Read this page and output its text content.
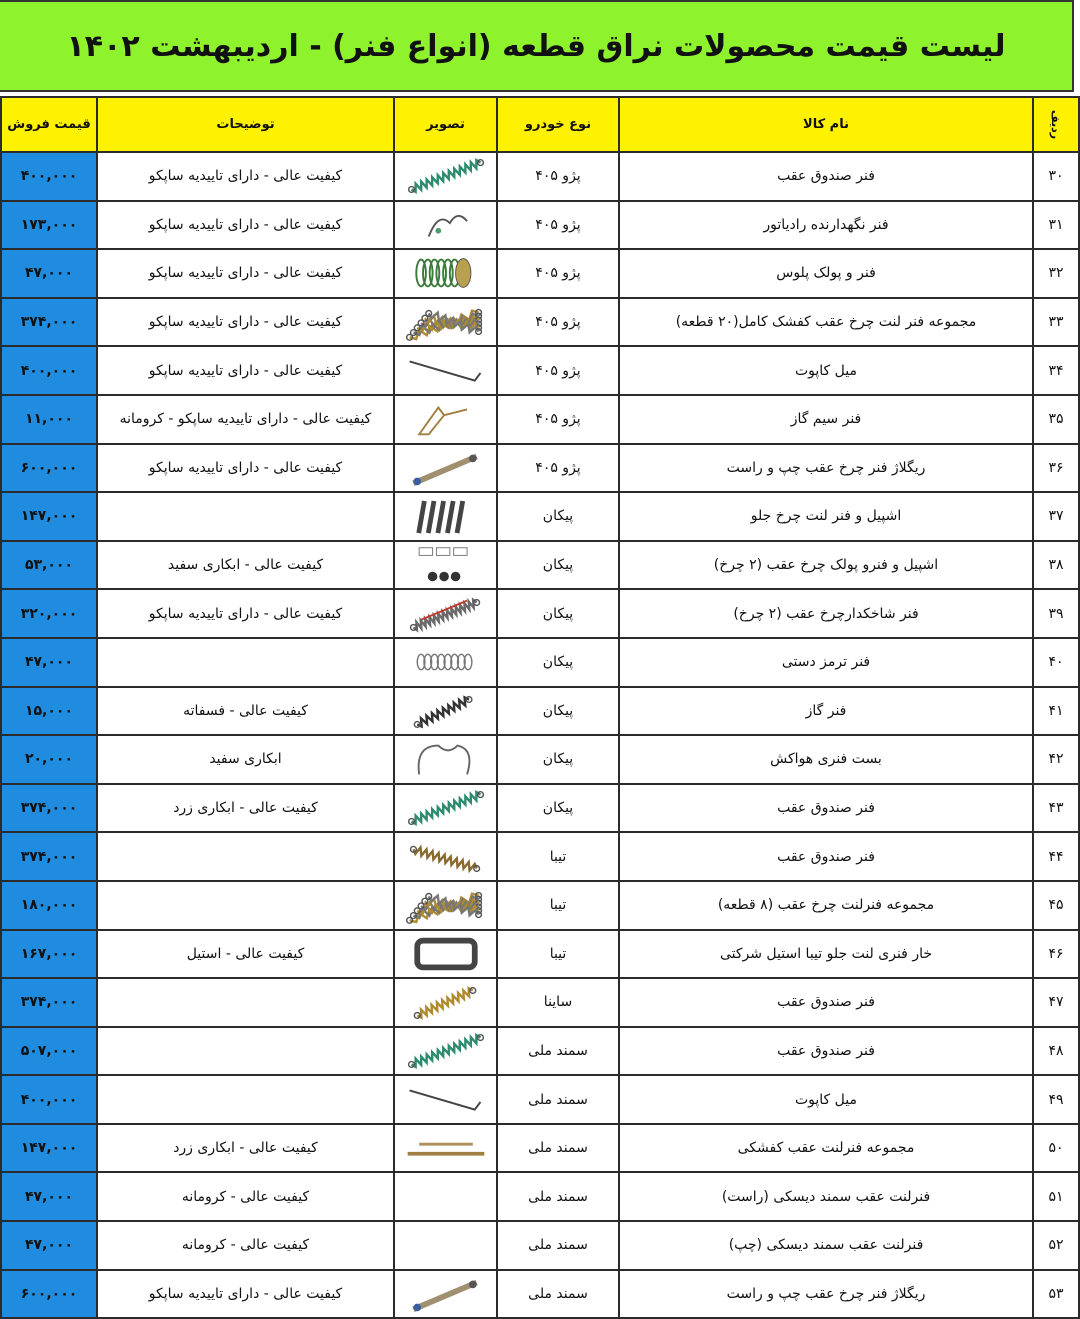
لیست قیمت محصولات نراق قطعه (انواع فنر) - اردیبهشت ۱۴۰۲
ردیف	نام کالا	نوع خودرو	تصویر	توضیحات	قیمت فروش
۳۰	فنر صندوق عقب	پژو ۴۰۵		کیفیت عالی - دارای تاییدیه ساپکو	۴۰۰,۰۰۰
۳۱	فنر نگهدارنده رادیاتور	پژو ۴۰۵		کیفیت عالی - دارای تاییدیه ساپکو	۱۷۳,۰۰۰
۳۲	فنر و پولک پلوس	پژو ۴۰۵		کیفیت عالی - دارای تاییدیه ساپکو	۴۷,۰۰۰
۳۳	مجموعه فنر لنت چرخ عقب کفشک کامل(۲۰ قطعه)	پژو ۴۰۵		کیفیت عالی - دارای تاییدیه ساپکو	۳۷۴,۰۰۰
۳۴	میل کاپوت	پژو ۴۰۵		کیفیت عالی - دارای تاییدیه ساپکو	۴۰۰,۰۰۰
۳۵	فنر سیم گاز	پژو ۴۰۵		کیفیت عالی - دارای تاییدیه ساپکو - کرومانه	۱۱,۰۰۰
۳۶	ریگلاژ فنر چرخ عقب چپ و راست	پژو ۴۰۵		کیفیت عالی - دارای تاییدیه ساپکو	۶۰۰,۰۰۰
۳۷	اشپیل و فنر لنت چرخ جلو	پیکان			۱۴۷,۰۰۰
۳۸	اشپیل و فنرو پولک چرخ عقب (۲ چرخ)	پیکان		کیفیت عالی - ابکاری سفید	۵۳,۰۰۰
۳۹	فنر شاخکدارچرخ عقب (۲ چرخ)	پیکان		کیفیت عالی - دارای تاییدیه ساپکو	۳۲۰,۰۰۰
۴۰	فنر ترمز دستی	پیکان			۴۷,۰۰۰
۴۱	فنر گاز	پیکان		کیفیت عالی - فسفاته	۱۵,۰۰۰
۴۲	بست فنری هواکش	پیکان		ابکاری سفید	۲۰,۰۰۰
۴۳	فنر صندوق عقب	پیکان		کیفیت عالی - ابکاری زرد	۳۷۴,۰۰۰
۴۴	فنر صندوق عقب	تیبا			۳۷۴,۰۰۰
۴۵	مجموعه فنرلنت چرخ عقب (۸ قطعه)	تیبا			۱۸۰,۰۰۰
۴۶	خار فنری لنت جلو تیبا استیل شرکتی	تیبا		کیفیت عالی - استیل	۱۶۷,۰۰۰
۴۷	فنر صندوق عقب	ساینا			۳۷۴,۰۰۰
۴۸	فنر صندوق عقب	سمند ملی			۵۰۷,۰۰۰
۴۹	میل کاپوت	سمند ملی			۴۰۰,۰۰۰
۵۰	مجموعه فنرلنت عقب کفشکی	سمند ملی		کیفیت عالی - ابکاری زرد	۱۴۷,۰۰۰
۵۱	فنرلنت عقب سمند دیسکی (راست)	سمند ملی		کیفیت عالی - کرومانه	۴۷,۰۰۰
۵۲	فنرلنت عقب سمند دیسکی (چپ)	سمند ملی		کیفیت عالی - کرومانه	۴۷,۰۰۰
۵۳	ریگلاژ فنر چرخ عقب چپ و راست	سمند ملی		کیفیت عالی - دارای تاییدیه ساپکو	۶۰۰,۰۰۰
